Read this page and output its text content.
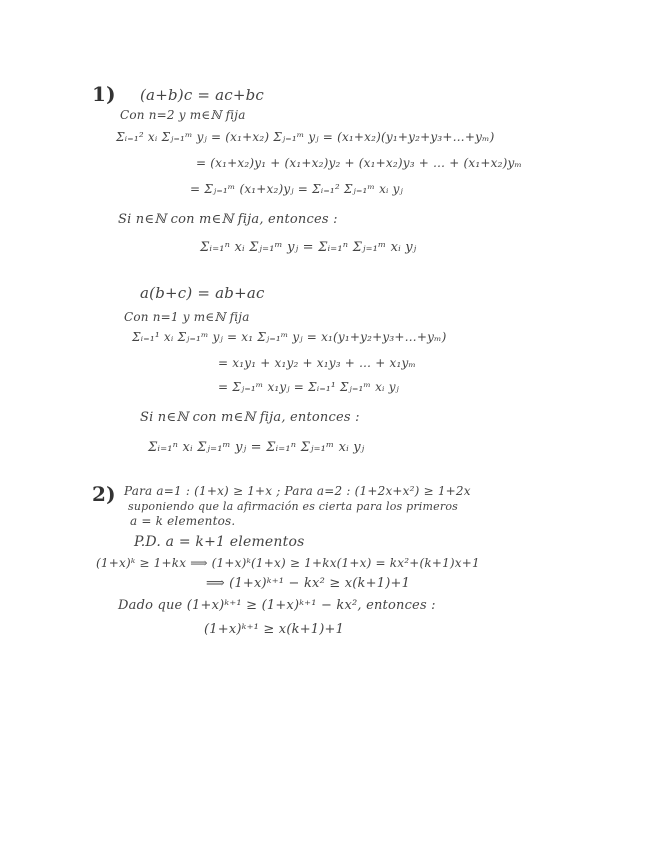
1) (a+b)c = ac+bc
Con n=2 y m∈ℕ fija
Σᵢ₌₁² xᵢ Σⱼ₌₁ᵐ yⱼ = (x₁+x₂) Σⱼ₌₁ᵐ yⱼ = (x₁+x₂)(y₁+y₂+y₃+…+yₘ)
= (x₁+x₂)y₁ + (x₁+x₂)y₂ + (x₁+x₂)y₃ + … + (x₁+x₂)yₘ
= Σⱼ₌₁ᵐ (x₁+x₂)yⱼ = Σᵢ₌₁² Σⱼ₌₁ᵐ xᵢ yⱼ
Si n∈ℕ con m∈ℕ fija, entonces :
Σᵢ₌₁ⁿ xᵢ Σⱼ₌₁ᵐ yⱼ = Σᵢ₌₁ⁿ Σⱼ₌₁ᵐ xᵢ yⱼ
a(b+c) = ab+ac
Con n=1 y m∈ℕ fija
Σᵢ₌₁¹ xᵢ Σⱼ₌₁ᵐ yⱼ = x₁ Σⱼ₌₁ᵐ yⱼ = x₁(y₁+y₂+y₃+…+yₘ)
= x₁y₁ + x₁y₂ + x₁y₃ + … + x₁yₘ
= Σⱼ₌₁ᵐ x₁yⱼ = Σᵢ₌₁¹ Σⱼ₌₁ᵐ xᵢ yⱼ
Si n∈ℕ con m∈ℕ fija, entonces :
Σᵢ₌₁ⁿ xᵢ Σⱼ₌₁ᵐ yⱼ = Σᵢ₌₁ⁿ Σⱼ₌₁ᵐ xᵢ yⱼ
2) Para a=1 : (1+x) ≥ 1+x ; Para a=2 : (1+2x+x²) ≥ 1+2x
suponiendo que la afirmación es cierta para los primeros
a = k elementos.
P.D. a = k+1 elementos
(1+x)ᵏ ≥ 1+kx ⟹ (1+x)ᵏ(1+x) ≥ 1+kx(1+x) = kx²+(k+1)x+1
⟹ (1+x)ᵏ⁺¹ − kx² ≥ x(k+1)+1
Dado que (1+x)ᵏ⁺¹ ≥ (1+x)ᵏ⁺¹ − kx², entonces :
(1+x)ᵏ⁺¹ ≥ x(k+1)+1
